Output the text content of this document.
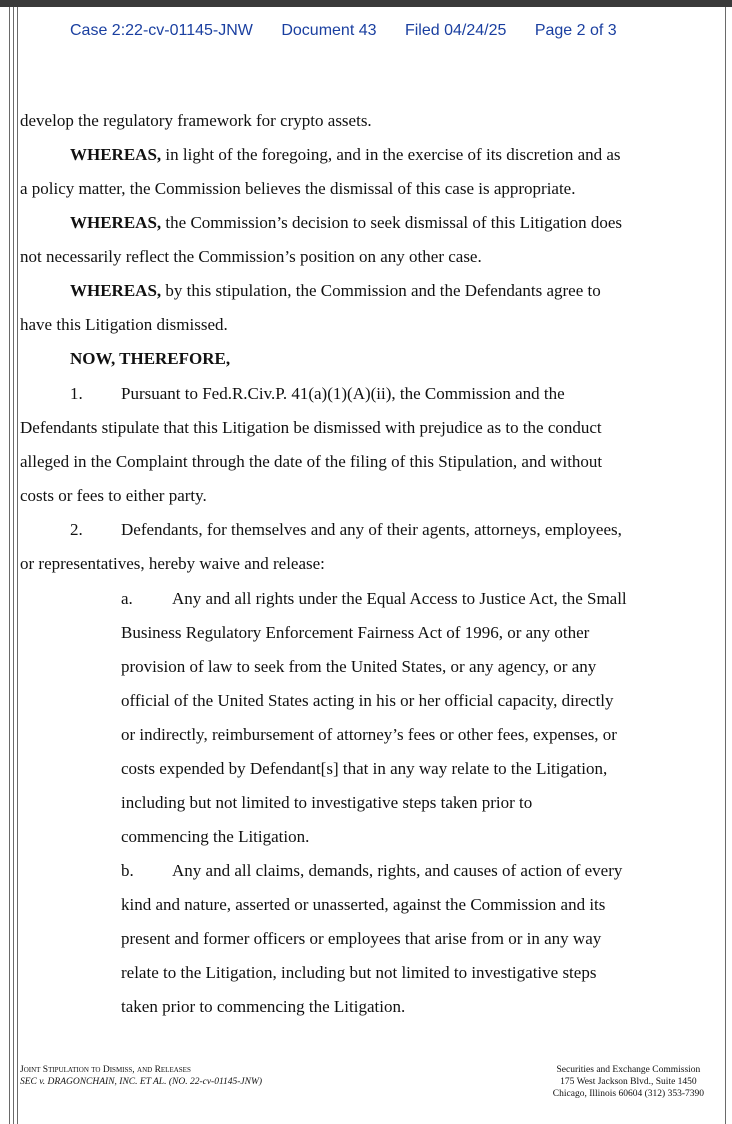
Case 2:22-cv-01145-JNW Document 43 Filed 04/24/25 Page 2 of 3
develop the regulatory framework for crypto assets.
WHEREAS, in light of the foregoing, and in the exercise of its discretion and as
a policy matter, the Commission believes the dismissal of this case is appropriate.
WHEREAS, the Commission’s decision to seek dismissal of this Litigation does
not necessarily reflect the Commission’s position on any other case.
WHEREAS, by this stipulation, the Commission and the Defendants agree to
have this Litigation dismissed.
NOW, THEREFORE,
1. Pursuant to Fed.R.Civ.P. 41(a)(1)(A)(ii), the Commission and the
Defendants stipulate that this Litigation be dismissed with prejudice as to the conduct
alleged in the Complaint through the date of the filing of this Stipulation, and without
costs or fees to either party.
2. Defendants, for themselves and any of their agents, attorneys, employees,
or representatives, hereby waive and release:
a. Any and all rights under the Equal Access to Justice Act, the Small
Business Regulatory Enforcement Fairness Act of 1996, or any other
provision of law to seek from the United States, or any agency, or any
official of the United States acting in his or her official capacity, directly
or indirectly, reimbursement of attorney’s fees or other fees, expenses, or
costs expended by Defendant[s] that in any way relate to the Litigation,
including but not limited to investigative steps taken prior to
commencing the Litigation.
b. Any and all claims, demands, rights, and causes of action of every
kind and nature, asserted or unasserted, against the Commission and its
present and former officers or employees that arise from or in any way
relate to the Litigation, including but not limited to investigative steps
taken prior to commencing the Litigation.
Joint Stipulation to Dismiss, and Releases
SEC v. DRAGONCHAIN, INC. ET AL. (NO. 22-cv-01145-JNW)
Securities and Exchange Commission
175 West Jackson Blvd., Suite 1450
Chicago, Illinois 60604 (312) 353-7390
